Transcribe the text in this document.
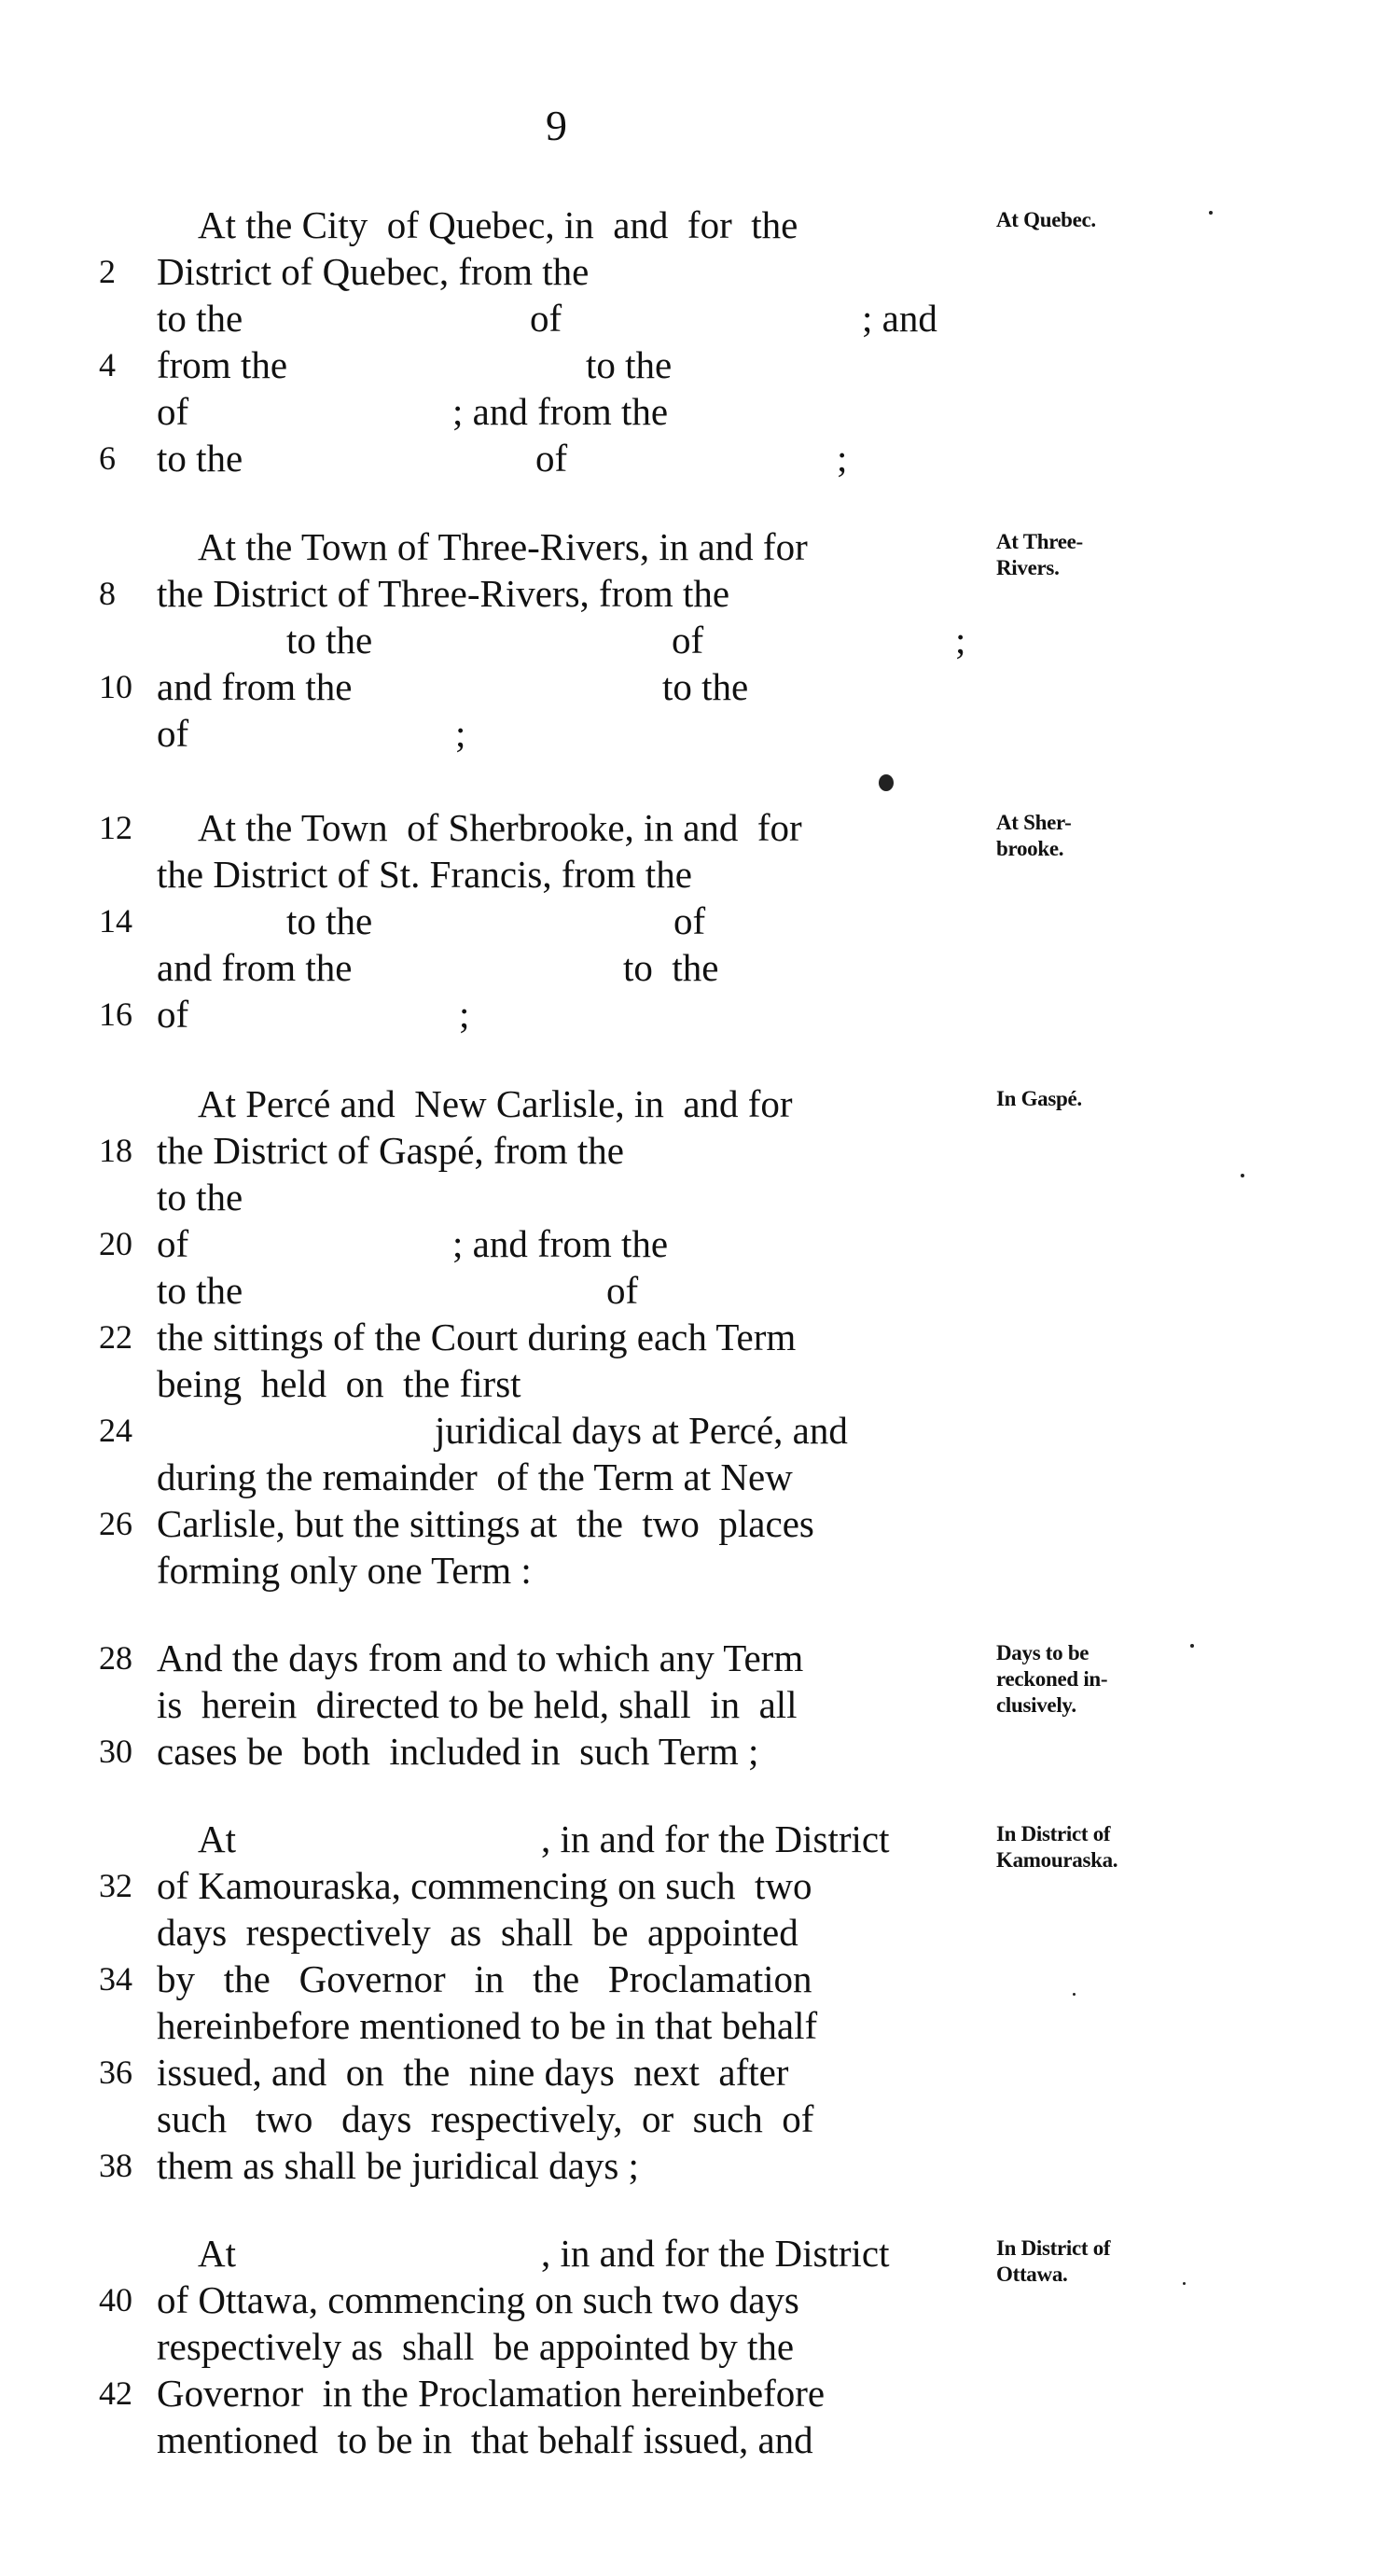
9
At the City  of Quebec, in  and  for  the
2	District of Quebec, from the
to the	of	; and
4	from the	to the
of	; and from the
6	to the	of	;
At the Town of Three-Rivers, in and for
8	the District of Three-Rivers, from the
to the	of	;
10 and from the	to the
of	;
12	At the Town  of Sherbrooke, in and  for
the District of St. Francis, from the
14	to the	of
and from the	to  the
16 of	;
At Percé and  New Carlisle, in  and for
18 the District of Gaspé, from the
to the
20 of	; and from the
to the	of
22 the sittings of the Court during each Term
being  held  on  the first
24	juridical days at Percé, and
during the remainder  of the Term at New
26 Carlisle, but the sittings at  the  two  places
forming only one Term :
28 And the days from and to which any Term
is  herein  directed to be held, shall  in  all
30 cases be  both  included in  such Term ;
At	, in and for the District
32 of Kamouraska, commencing on such  two
days  respectively  as  shall  be  appointed
34 by   the   Governor   in   the   Proclamation
hereinbefore mentioned to be in that behalf
36 issued, and  on  the  nine days  next  after
such   two   days  respectively,  or  such  of
38 them as shall be juridical days ;
At	, in and for the District
40 of Ottawa, commencing on such two days
respectively as  shall  be appointed by the
42 Governor  in the Proclamation hereinbefore
mentioned  to be in  that behalf issued, and
At Quebec.
At Three-
Rivers.
At Sher-
brooke.
In Gaspé.
Days to be
reckoned in-
clusively.
In District of
Kamouraska.
In District of
Ottawa.
